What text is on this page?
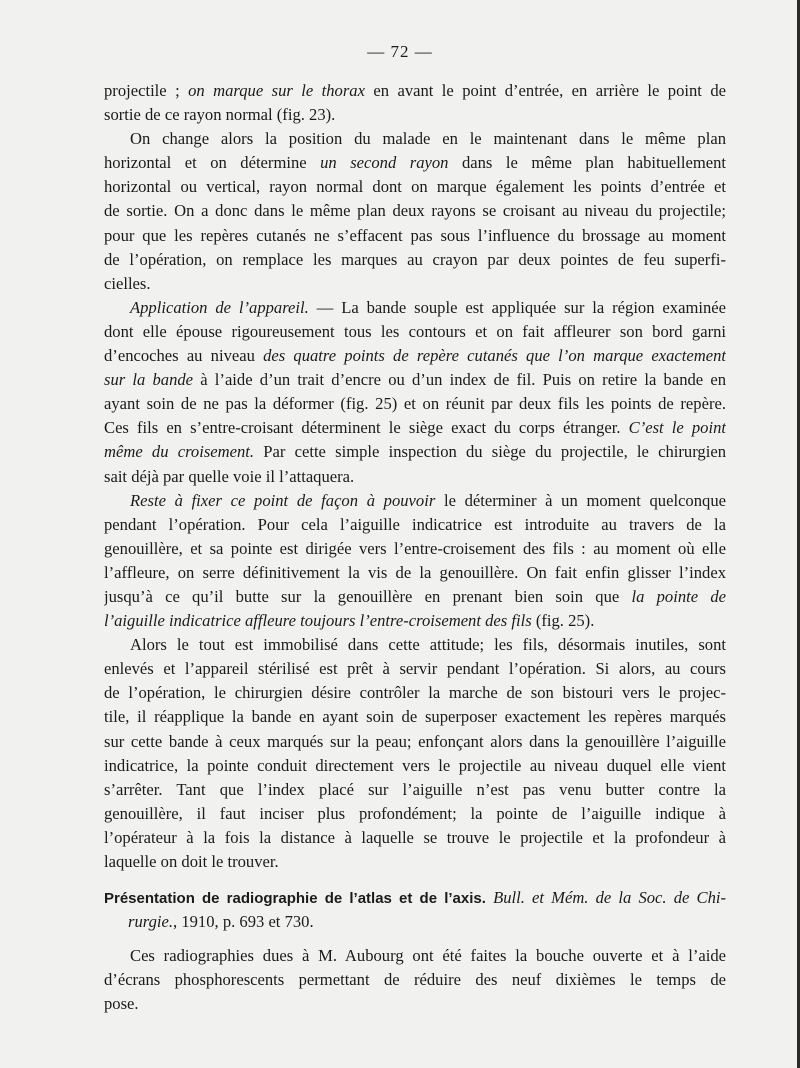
— 72 —
projectile ; on marque sur le thorax en avant le point d’entrée, en arrière le point de
sortie de ce rayon normal (fig. 23).
On change alors la position du malade en le maintenant dans le même plan
horizontal et on détermine un second rayon dans le même plan habituellement
horizontal ou vertical, rayon normal dont on marque également les points d’entrée et
de sortie. On a donc dans le même plan deux rayons se croisant au niveau du projectile;
pour que les repères cutanés ne s’effacent pas sous l’influence du brossage au moment
de l’opération, on remplace les marques au crayon par deux pointes de feu superfi-
cielles.
Application de l’appareil. — La bande souple est appliquée sur la région examinée
dont elle épouse rigoureusement tous les contours et on fait affleurer son bord garni
d’encoches au niveau des quatre points de repère cutanés que l’on marque exactement
sur la bande à l’aide d’un trait d’encre ou d’un index de fil. Puis on retire la bande en
ayant soin de ne pas la déformer (fig. 25) et on réunit par deux fils les points de repère.
Ces fils en s’entre-croisant déterminent le siège exact du corps étranger. C’est le point
même du croisement. Par cette simple inspection du siège du projectile, le chirurgien
sait déjà par quelle voie il l’attaquera.
Reste à fixer ce point de façon à pouvoir le déterminer à un moment quelconque
pendant l’opération. Pour cela l’aiguille indicatrice est introduite au travers de la
genouillère, et sa pointe est dirigée vers l’entre-croisement des fils : au moment où elle
l’affleure, on serre définitivement la vis de la genouillère. On fait enfin glisser l’index
jusqu’à ce qu’il butte sur la genouillère en prenant bien soin que la pointe de
l’aiguille indicatrice affleure toujours l’entre-croisement des fils (fig. 25).
Alors le tout est immobilisé dans cette attitude; les fils, désormais inutiles, sont
enlevés et l’appareil stérilisé est prêt à servir pendant l’opération. Si alors, au cours
de l’opération, le chirurgien désire contrôler la marche de son bistouri vers le projec-
tile, il réapplique la bande en ayant soin de superposer exactement les repères marqués
sur cette bande à ceux marqués sur la peau; enfonçant alors dans la genouillère l’aiguille
indicatrice, la pointe conduit directement vers le projectile au niveau duquel elle vient
s’arrêter. Tant que l’index placé sur l’aiguille n’est pas venu butter contre la
genouillère, il faut inciser plus profondément; la pointe de l’aiguille indique à
l’opérateur à la fois la distance à laquelle se trouve le projectile et la profondeur à
laquelle on doit le trouver.
Présentation de radiographie de l’atlas et de l’axis. Bull. et Mém. de la Soc. de Chi-
rurgie., 1910, p. 693 et 730.
Ces radiographies dues à M. Aubourg ont été faites la bouche ouverte et à l’aide
d’écrans phosphorescents permettant de réduire des neuf dixièmes le temps de
pose.
